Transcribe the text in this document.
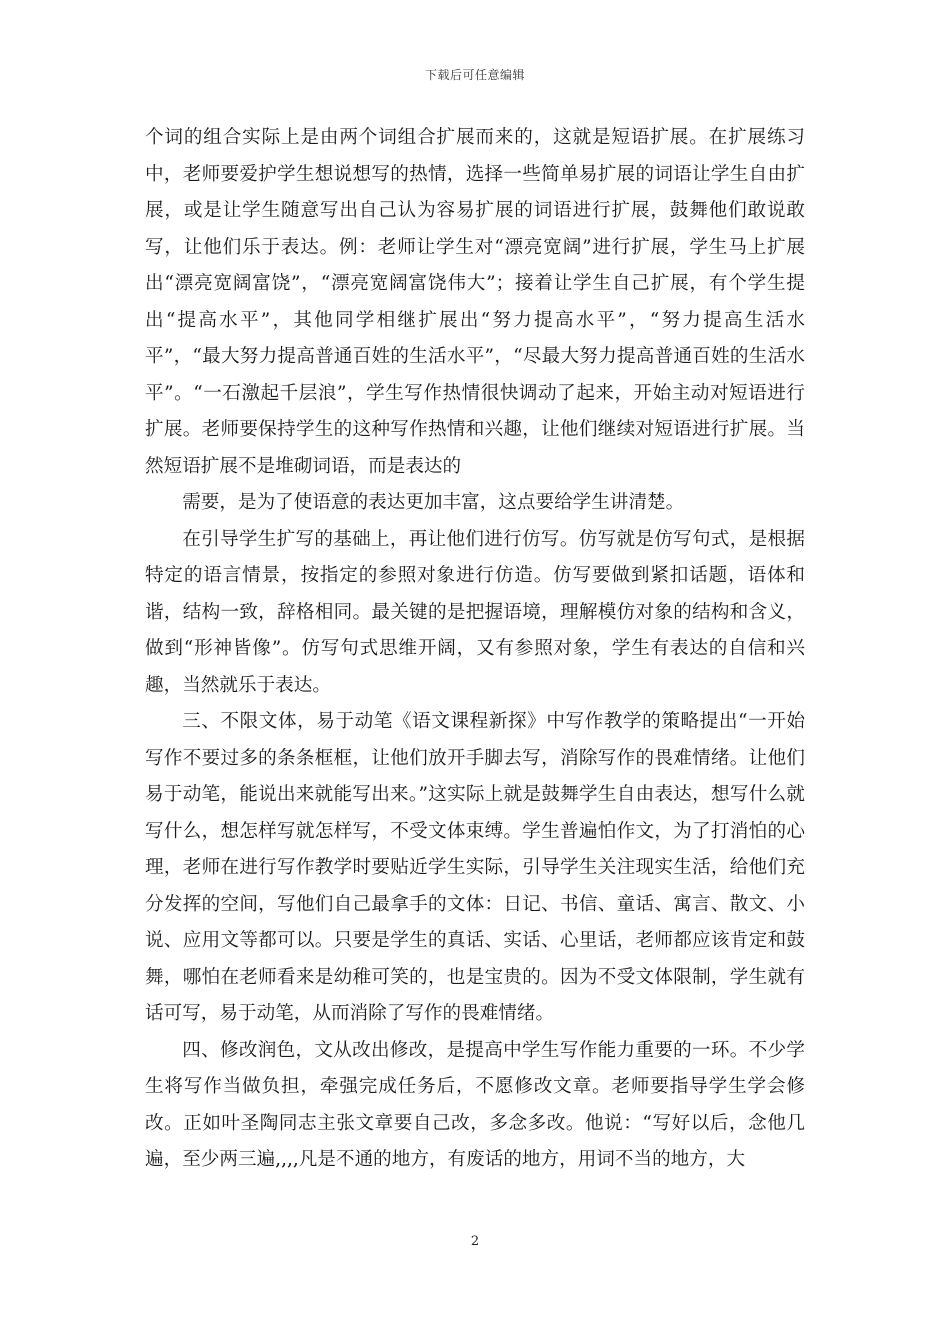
下载后可任意编辑

个词的组合实际上是由两个词组合扩展而来的，这就是短语扩展。在扩展练习中，老师要爱护学生想说想写的热情，选择一些简单易扩展的词语让学生自由扩展，或是让学生随意写出自己认为容易扩展的词语进行扩展，鼓舞他们敢说敢写，让他们乐于表达。例：老师让学生对“漂亮宽阔”进行扩展，学生马上扩展出“漂亮宽阔富饶”，“漂亮宽阔富饶伟大”；接着让学生自己扩展，有个学生提出“提高水平”，其他同学相继扩展出“努力提高水平”，“努力提高生活水平”，“最大努力提高普通百姓的生活水平”，“尽最大努力提高普通百姓的生活水平”。“一石激起千层浪”，学生写作热情很快调动了起来，开始主动对短语进行扩展。老师要保持学生的这种写作热情和兴趣，让他们继续对短语进行扩展。当然短语扩展不是堆砌词语，而是表达的

需要，是为了使语意的表达更加丰富，这点要给学生讲清楚。

在引导学生扩写的基础上，再让他们进行仿写。仿写就是仿写句式，是根据特定的语言情景，按指定的参照对象进行仿造。仿写要做到紧扣话题，语体和谐，结构一致，辞格相同。最关键的是把握语境，理解模仿对象的结构和含义，做到“形神皆像”。仿写句式思维开阔，又有参照对象，学生有表达的自信和兴趣，当然就乐于表达。

三、不限文体，易于动笔《语文课程新探》中写作教学的策略提出“一开始写作不要过多的条条框框，让他们放开手脚去写，消除写作的畏难情绪。让他们易于动笔，能说出来就能写出来。”这实际上就是鼓舞学生自由表达，想写什么就写什么，想怎样写就怎样写，不受文体束缚。学生普遍怕作文，为了打消怕的心理，老师在进行写作教学时要贴近学生实际，引导学生关注现实生活，给他们充分发挥的空间，写他们自己最拿手的文体：日记、书信、童话、寓言、散文、小说、应用文等都可以。只要是学生的真话、实话、心里话，老师都应该肯定和鼓舞，哪怕在老师看来是幼稚可笑的，也是宝贵的。因为不受文体限制，学生就有话可写，易于动笔，从而消除了写作的畏难情绪。

四、修改润色，文从改出修改，是提高中学生写作能力重要的一环。不少学生将写作当做负担，牵强完成任务后，不愿修改文章。老师要指导学生学会修改。正如叶圣陶同志主张文章要自己改，多念多改。他说：“写好以后，念他几遍，至少两三遍,,,,凡是不通的地方，有废话的地方，用词不当的地方，大

2
